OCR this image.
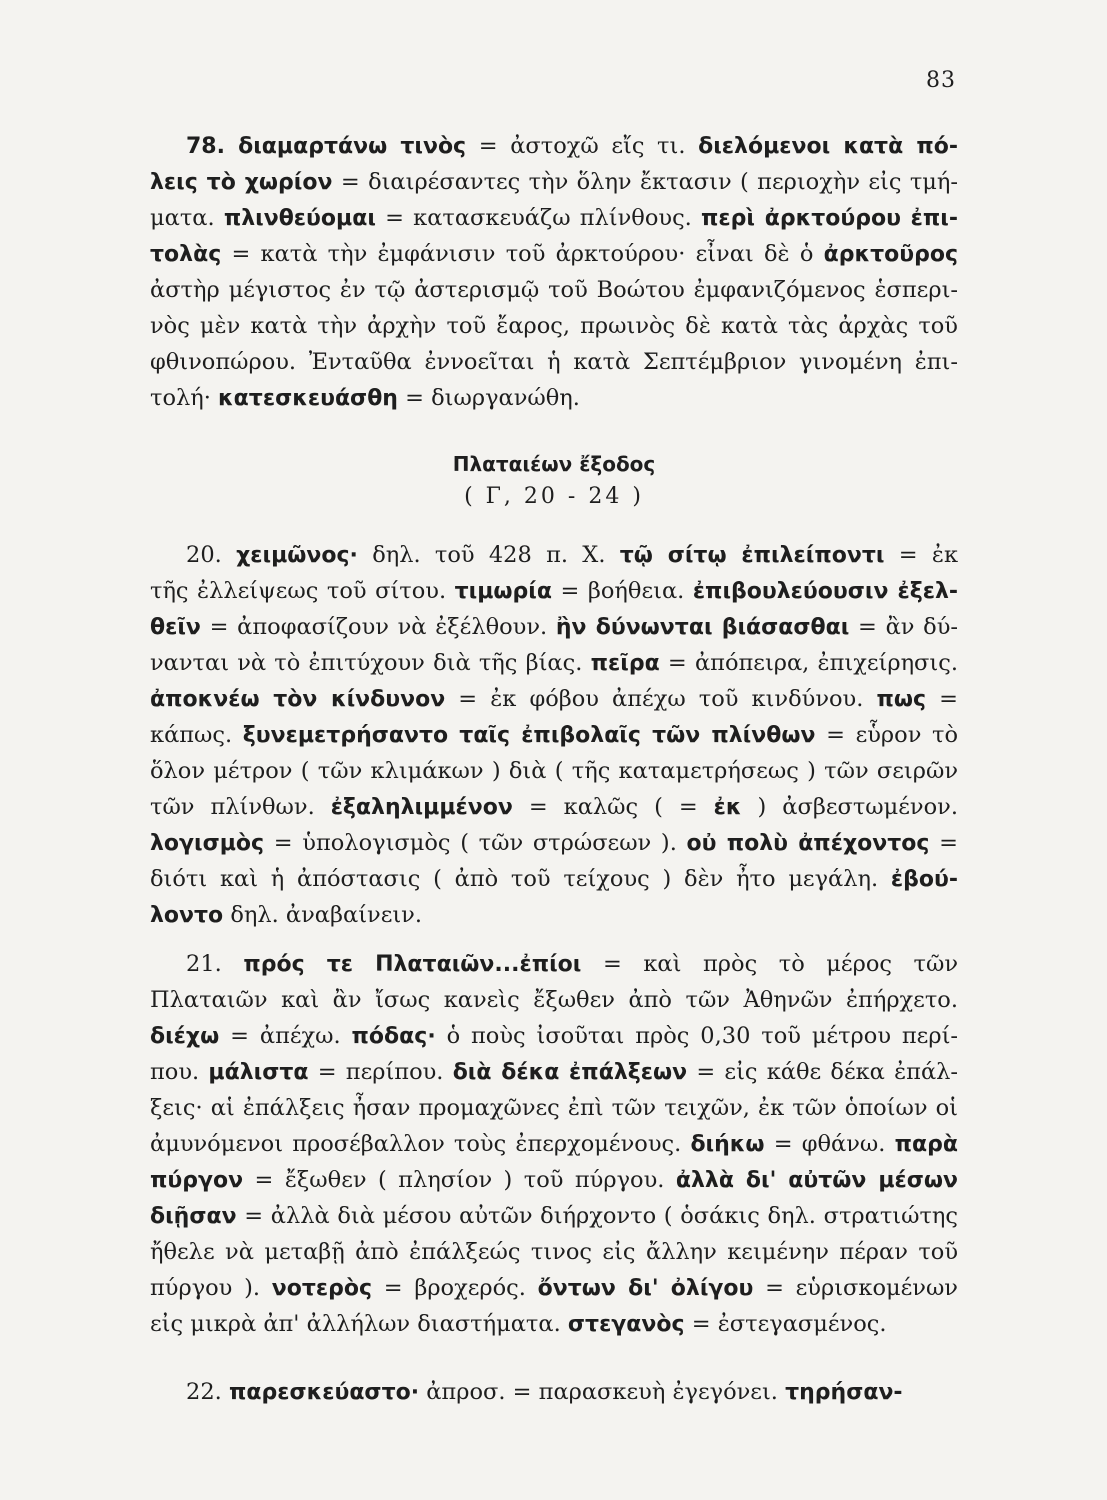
83
78. διαμαρτάνω τινὸς = ἀστοχῶ εἴς τι. διελόμενοι κατὰ πό-
λεις τὸ χωρίον = διαιρέσαντες τὴν ὅλην ἔκτασιν ( περιοχὴν εἰς τμή-
ματα. πλινθεύομαι = κατασκευάζω πλίνθους. περὶ ἀρκτούρου ἐπι-
τολὰς = κατὰ τὴν ἐμφάνισιν τοῦ ἀρκτούρου· εἶναι δὲ ὁ ἀρκτοῦρος
ἀστὴρ μέγιστος ἐν τῷ ἀστερισμῷ τοῦ Βοώτου ἐμφανιζόμενος ἑσπερι-
νὸς μὲν κατὰ τὴν ἀρχὴν τοῦ ἔαρος, πρωινὸς δὲ κατὰ τὰς ἀρχὰς τοῦ
φθινοπώρου. Ἐνταῦθα ἐννοεῖται ἡ κατὰ Σεπτέμβριον γινομένη ἐπι-
τολή· κατεσκευάσθη = διωργανώθη.
Πλαταιέων ἔξοδος
( Γ, 20 - 24 )
20. χειμῶνος· δηλ. τοῦ 428 π. Χ. τῷ σίτῳ ἐπιλείποντι = ἐκ
τῆς ἐλλείψεως τοῦ σίτου. τιμωρία = βοήθεια. ἐπιβουλεύουσιν ἐξελ-
θεῖν = ἀποφασίζουν νὰ ἐξέλθουν. ἢν δύνωνται βιάσασθαι = ἂν δύ-
νανται νὰ τὸ ἐπιτύχουν διὰ τῆς βίας. πεῖρα = ἀπόπειρα, ἐπιχείρησις.
ἀποκνέω τὸν κίνδυνον = ἐκ φόβου ἀπέχω τοῦ κινδύνου. πως =
κάπως. ξυνεμετρήσαντο ταῖς ἐπιβολαῖς τῶν πλίνθων = εὗρον τὸ
ὅλον μέτρον ( τῶν κλιμάκων ) διὰ ( τῆς καταμετρήσεως ) τῶν σειρῶν
τῶν πλίνθων. ἐξαληλιμμένον = καλῶς ( = ἐκ ) ἀσβεστωμένον.
λογισμὸς = ὑπολογισμὸς ( τῶν στρώσεων ). οὐ πολὺ ἀπέχοντος =
διότι καὶ ἡ ἀπόστασις ( ἀπὸ τοῦ τείχους ) δὲν ἦτο μεγάλη. ἐβού-
λοντο δηλ. ἀναβαίνειν.
21. πρός τε Πλαταιῶν...ἐπίοι = καὶ πρὸς τὸ μέρος τῶν
Πλαταιῶν καὶ ἂν ἴσως κανεὶς ἔξωθεν ἀπὸ τῶν Ἀθηνῶν ἐπήρχετο.
διέχω = ἀπέχω. πόδας· ὁ ποὺς ἰσοῦται πρὸς 0,30 τοῦ μέτρου περί-
που. μάλιστα = περίπου. διὰ δέκα ἐπάλξεων = εἰς κάθε δέκα ἐπάλ-
ξεις· αἱ ἐπάλξεις ἦσαν προμαχῶνες ἐπὶ τῶν τειχῶν, ἐκ τῶν ὁποίων οἱ
ἀμυνόμενοι προσέβαλλον τοὺς ἐπερχομένους. διήκω = φθάνω. παρὰ
πύργον = ἔξωθεν ( πλησίον ) τοῦ πύργου. ἀλλὰ δι' αὐτῶν μέσων
διῇσαν = ἀλλὰ διὰ μέσου αὐτῶν διήρχοντο ( ὁσάκις δηλ. στρατιώτης
ἤθελε νὰ μεταβῇ ἀπὸ ἐπάλξεώς τινος εἰς ἄλλην κειμένην πέραν τοῦ
πύργου ). νοτερὸς = βροχερός. ὄντων δι' ὀλίγου = εὑρισκομένων
εἰς μικρὰ ἀπ' ἀλλήλων διαστήματα. στεγανὸς = ἐστεγασμένος.
22. παρεσκεύαστο· ἀπροσ. = παρασκευὴ ἐγεγόνει. τηρήσαν-
